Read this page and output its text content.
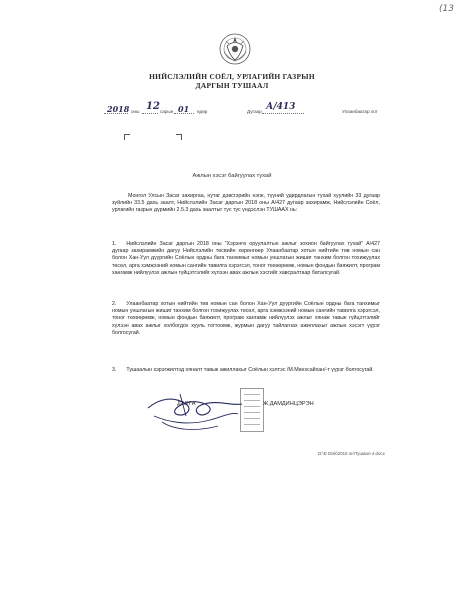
(13
НИЙСЛЭЛИЙН СОЁЛ, УРЛАГИЙН ГАЗРЫН
ДАРГЫН ТУШААЛ
2018 оны 12 сарын 01 өдөр	Дугаар А/413	Улаанбаатар хот
Ажлын хэсэг байгуулах тухай

Монгол Улсын Засаг захиргаа, нутаг дэвсгэрийн нэгж, түүний удирдлагын тухай хуулийн 33 дугаар зүйлийн 33.5 дахь заалт, Нийслэлийн Засаг даргын 2018 оны А/427 дугаар захирамж, Нийслэлийн Соёл, урлагийн газрын дүрмийн 2.5.3 дахь заалтыг тус тус үндэслэн ТУШААХ нь:

1. Нийслэлийн Засаг даргын 2018 оны "Хэрэнгө оруулалтын ажлыг зохион байгуулах тухай" А/427 дугаар захирамжийн дагуу Нийслэлийн төсвийн хөрөнгөөр Улаанбаатар хотын нийтийн төв номын сан болон Хан-Уул дүүргийн Соёлын ордны бага танхимыг номын уншлагын жишиг танхим болгон тохижуулах төсөл, арга хэмжээний номын сангийн тавилга хэрэгсэл, тоног төхөөрөмж, номын фондын баяжилт, програм хангамж нийлүүлэх ажлын гүйцэтгэлийг хүлээн авах ажлын хэсгийг хавсралтаар баталсугай.

2. Улаанбаатар хотын нийтийн төв номын сан болон Хан-Уул дүүргийн Соёлын ордны бага танхимыг номын уншлагын жишиг танхим болгон тохижуулах төсөл, арга хэмжээний номын сангийн тавилга хэрэгсэл, тоног төхөөрөмж, номын фондын баяжилт, програм хангамж нийлүүлэх ажлыг хянаж тавьж гүйцэтгэлийг хүлээн авах ажлыг холбогдох хууль тогтоомж, журмын дагуу тайлагнах ажиллахыг ажлын хэсэгт үүрэг болгосугай.

3. Тушаалын хэрэгжилтэд хяналт тавьж ажиллахыг Соёлын хэлтэс /М.Мөнхсайхан/-т үүрэг болгосугай.

ДАРГА	Ж.ДАМДИНЦЭРЭН
D:\D Disk\2018 он\Тушаал-4.docx
